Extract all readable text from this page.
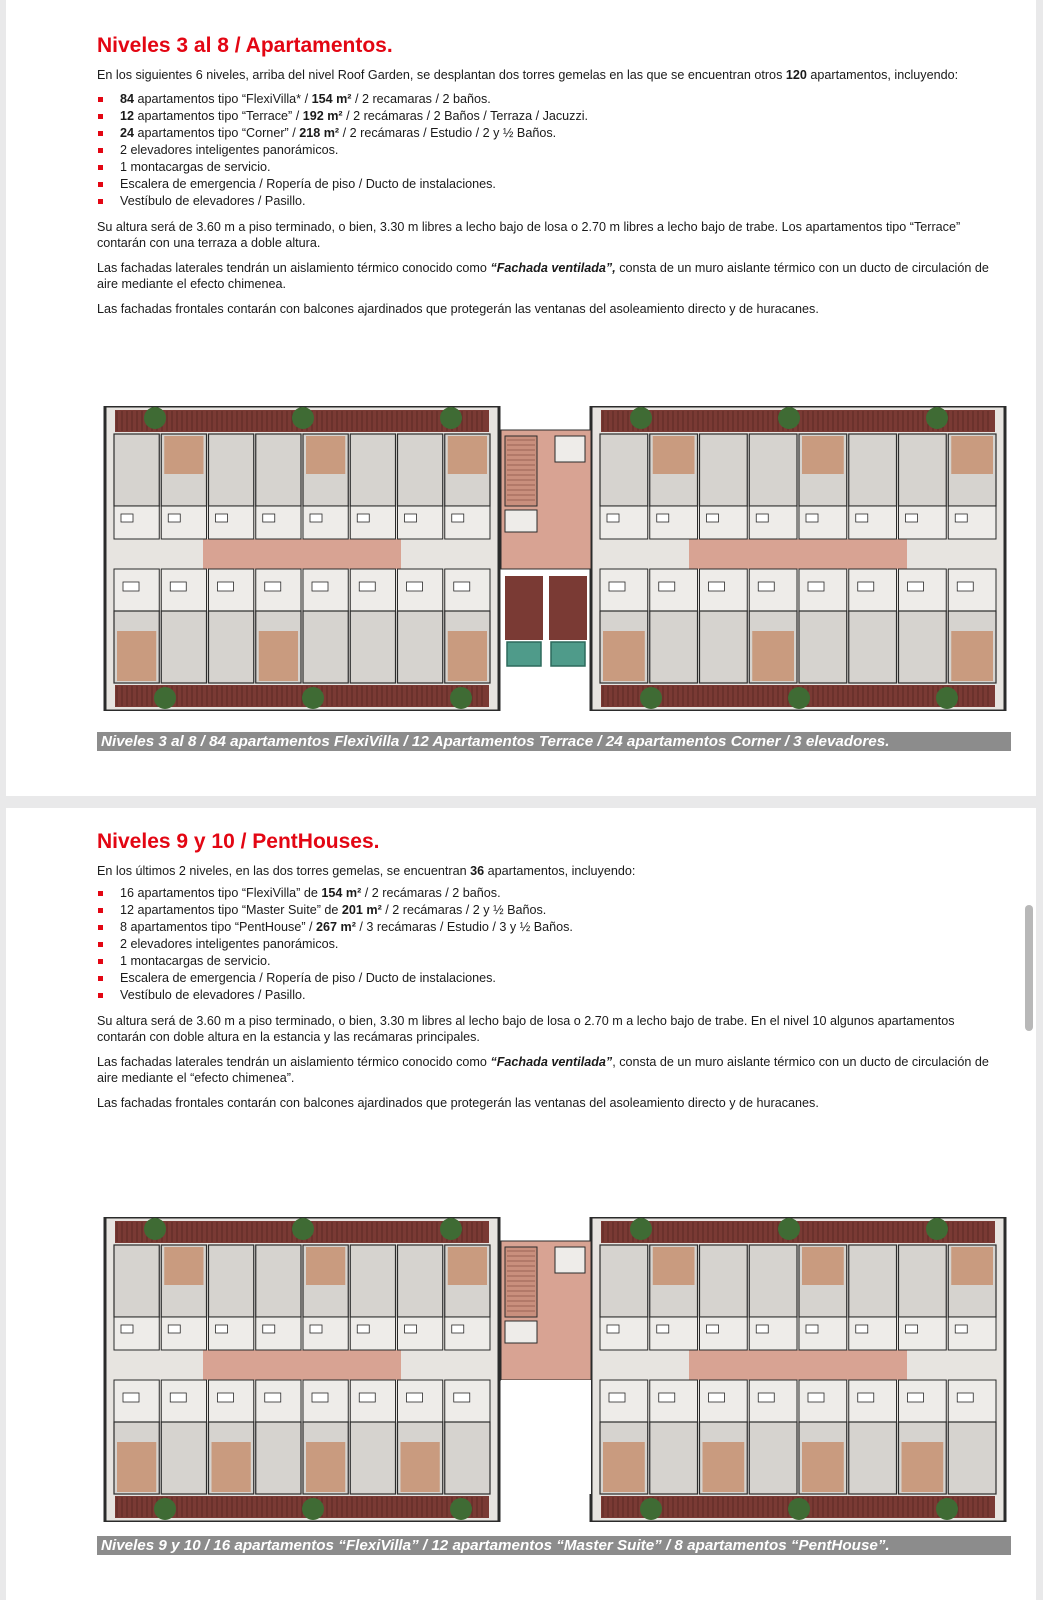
Niveles 3 al 8 / Apartamentos.

En los siguientes 6 niveles, arriba del nivel Roof Garden, se desplantan dos torres gemelas en las que se encuentran otros 120 apartamentos, incluyendo:

84 apartamentos tipo “FlexiVilla* / 154 m² / 2 recamaras / 2 baños.
12 apartamentos tipo “Terrace” / 192 m² / 2 recámaras / 2 Baños / Terraza / Jacuzzi.
24 apartamentos tipo “Corner” / 218 m² / 2 recámaras / Estudio / 2 y ½ Baños.
2 elevadores inteligentes panorámicos.
1 montacargas de servicio.
Escalera de emergencia / Ropería de piso / Ducto de instalaciones.
Vestíbulo de elevadores / Pasillo.

Su altura será de 3.60 m a piso terminado, o bien, 3.30 m libres a lecho bajo de losa o 2.70 m libres a lecho bajo de trabe. Los apartamentos tipo “Terrace” contarán con una terraza a doble altura.

Las fachadas laterales tendrán un aislamiento térmico conocido como “Fachada ventilada”, consta de un muro aislante térmico con un ducto de circulación de aire mediante el efecto chimenea.

Las fachadas frontales contarán con balcones ajardinados que protegerán las ventanas del asoleamiento directo y de huracanes.

Niveles 3 al 8 / 84 apartamentos FlexiVilla / 12 Apartamentos Terrace / 24 apartamentos Corner / 3 elevadores.
Niveles 9 y 10 / PentHouses.

En los últimos 2 niveles, en las dos torres gemelas, se encuentran 36 apartamentos, incluyendo:

16 apartamentos tipo “FlexiVilla” de 154 m² / 2 recámaras / 2 baños.
12 apartamentos tipo “Master Suite” de 201 m² / 2 recámaras / 2 y ½ Baños.
8 apartamentos tipo “PentHouse” / 267 m² / 3 recámaras / Estudio / 3 y ½ Baños.
2 elevadores inteligentes panorámicos.
1 montacargas de servicio.
Escalera de emergencia / Ropería de piso / Ducto de instalaciones.
Vestíbulo de elevadores / Pasillo.

Su altura será de 3.60 m a piso terminado, o bien, 3.30 m libres al lecho bajo de losa o 2.70 m a lecho bajo de trabe. En el nivel 10 algunos apartamentos contarán con doble altura en la estancia y las recámaras principales.

Las fachadas laterales tendrán un aislamiento térmico conocido como “Fachada ventilada”, consta de un muro aislante térmico con un ducto de circulación de aire mediante el “efecto chimenea”.

Las fachadas frontales contarán con balcones ajardinados que protegerán las ventanas del asoleamiento directo y de huracanes.

Niveles 9 y 10 / 16 apartamentos “FlexiVilla” / 12 apartamentos “Master Suite” / 8 apartamentos “PentHouse”.
